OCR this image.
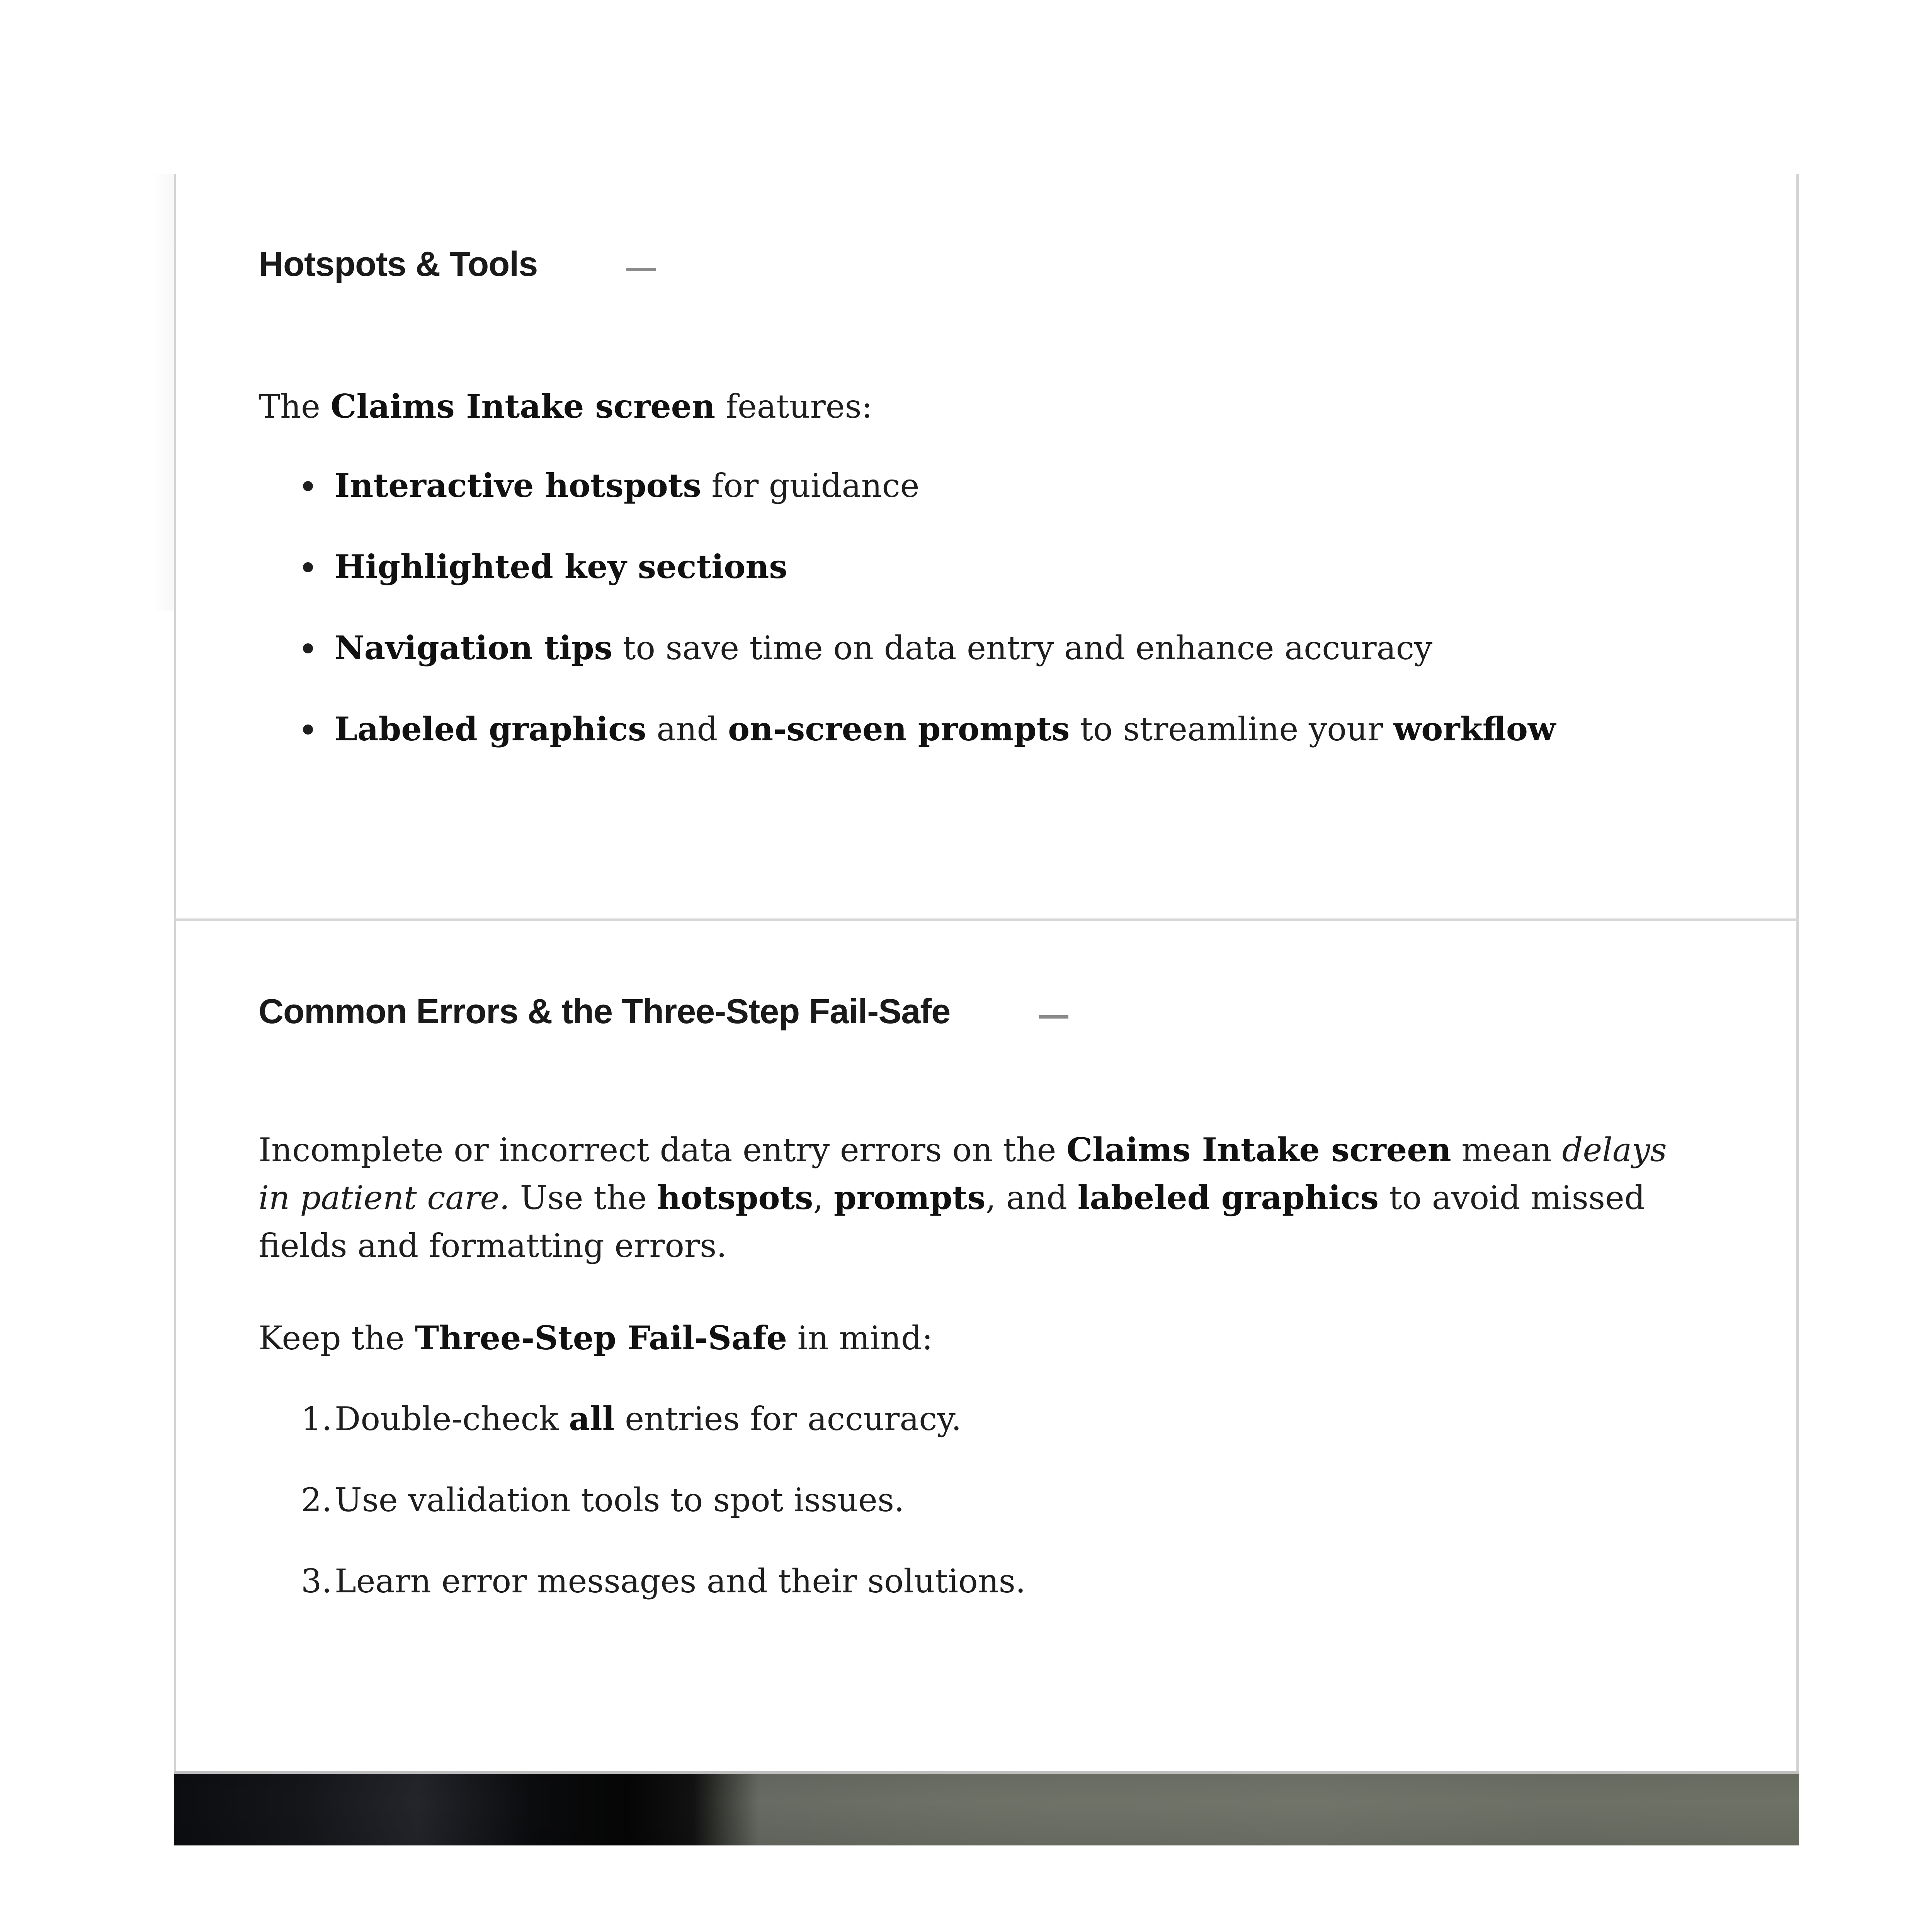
Hotspots & Tools

The Claims Intake screen features:

Interactive hotspots for guidance
Highlighted key sections
Navigation tips to save time on data entry and enhance accuracy
Labeled graphics and on-screen prompts to streamline your workflow
Common Errors & the Three-Step Fail-Safe

Incomplete or incorrect data entry errors on the Claims Intake screen mean delays in patient care. Use the hotspots, prompts, and labeled graphics to avoid missed fields and formatting errors.

Keep the Three-Step Fail-Safe in mind:

1. Double-check all entries for accuracy.
2. Use validation tools to spot issues.
3. Learn error messages and their solutions.
